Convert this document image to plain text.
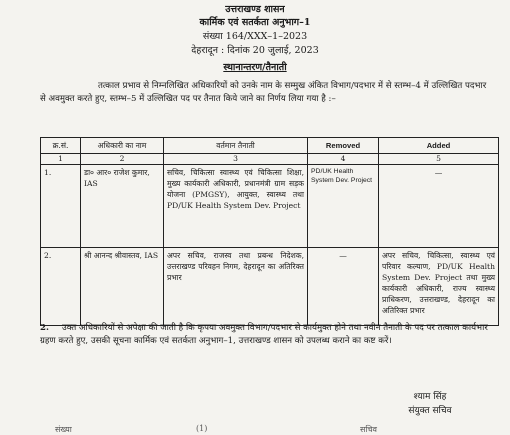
उत्तराखण्ड शासन
कार्मिक एवं सतर्कता अनुभाग–1
संख्या 164/XXX–1–2023
देहरादून : दिनांक 20 जुलाई, 2023
स्थानान्तरण/तैनाती
तत्काल प्रभाव से निम्नलिखित अधिकारियों को उनके नाम के सम्मुख अंकित विभाग/पदभार में से स्तम्भ–4 में उल्लिखित पदभार से अवमुक्त करते हुए, स्तम्भ–5 में उल्लिखित पद पर तैनात किये जाने का निर्णय लिया गया है :–
क्र.सं.	अधिकारी का नाम	वर्तमान तैनाती	Removed	Added
1	2	3	4	5
1.	डा० आर० राजेश कुमार, IAS	सचिव, चिकित्सा स्वास्थ्य एवं चिकित्सा शिक्षा, मुख्य कार्यकारी अधिकारी, प्रधानमंत्री ग्राम सड़क योजना (PMGSY), आयुक्त, स्वास्थ्य तथा PD/UK Health System Dev. Project	PD/UK Health System Dev. Project	—
2.	श्री आनन्द श्रीवास्तव, IAS	अपर सचिव, राजस्व तथा प्रबन्ध निदेशक, उत्तराखण्ड परिवहन निगम, देहरादून का अतिरिक्त प्रभार	—	अपर सचिव, चिकित्सा, स्वास्थ्य एवं परिवार कल्याण, PD/UK Health System Dev. Project तथा मुख्य कार्यकारी अधिकारी, राज्य स्वास्थ्य प्राधिकरण, उत्तराखण्ड, देहरादून का अतिरिक्त प्रभार
2. उक्त अधिकारियों से अपेक्षा की जाती है कि कृपया अवमुक्त विभाग/पदभार से कार्यमुक्त होने तथा नवीन तैनाती के पद पर तत्काल कार्यभार ग्रहण करते हुए, उसकी सूचना कार्मिक एवं सतर्कता अनुभाग–1, उत्तराखण्ड शासन को उपलब्ध कराने का कष्ट करें।
श्याम सिंह
संयुक्त सचिव
संख्या	(1)	सचिव
